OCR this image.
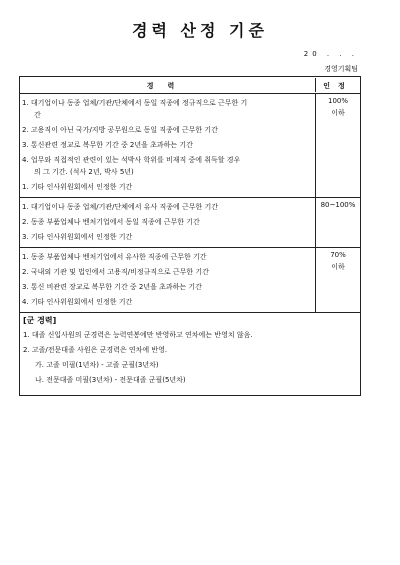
경력 산정 기준
20 . . .
경영기획팀
경력	인정
1. 대기업이나 동종 업체/기관/단체에서 동일 직종에 정규직으로 근무한 기
간
2. 고용직이 아닌 국가/지방 공무원으로 동일 직종에 근무한 기간
3. 통신관련 정교로 복무한 기간 중 2년을 초과하는 기간
4. 업무와 직접적인 관련이 있는 석박사 학위를 비재직 중에 취득할 경우
의 그 기간. (석사 2년, 박사 5년)
1. 기타 인사위원회에서 인정한 기간
100%
이하
1. 대기업이나 동종 업체/기관/단체에서 유사 직종에 근무한 기간
2. 동종 부품업체나 벤처기업에서 동일 직종에 근무한 기간
3. 기타 인사위원회에서 인정한 기간
80~100%
1. 동종 부품업체나 벤처기업에서 유사한 직종에 근무한 기간
2. 국내외 기관 및 법인에서 고용직/비정규직으로 근무한 기간
3. 통신 비관련 장교로 복무한 기간 중 2년을 초과하는 기간
4. 기타 인사위원회에서 인정한 기간
70%
이하
[군 경력]
1. 대졸 신입사원의 군경력은 능력연봉에만 반영하고 연차에는 반영치 않음.
2. 고졸/전문대졸 사원은 군경력은 연차에 반영.
가. 고졸 미필(1년차) - 고졸 군필(3년차)
나. 전문대졸 미필(3년차) - 전문대졸 군필(5년차)
